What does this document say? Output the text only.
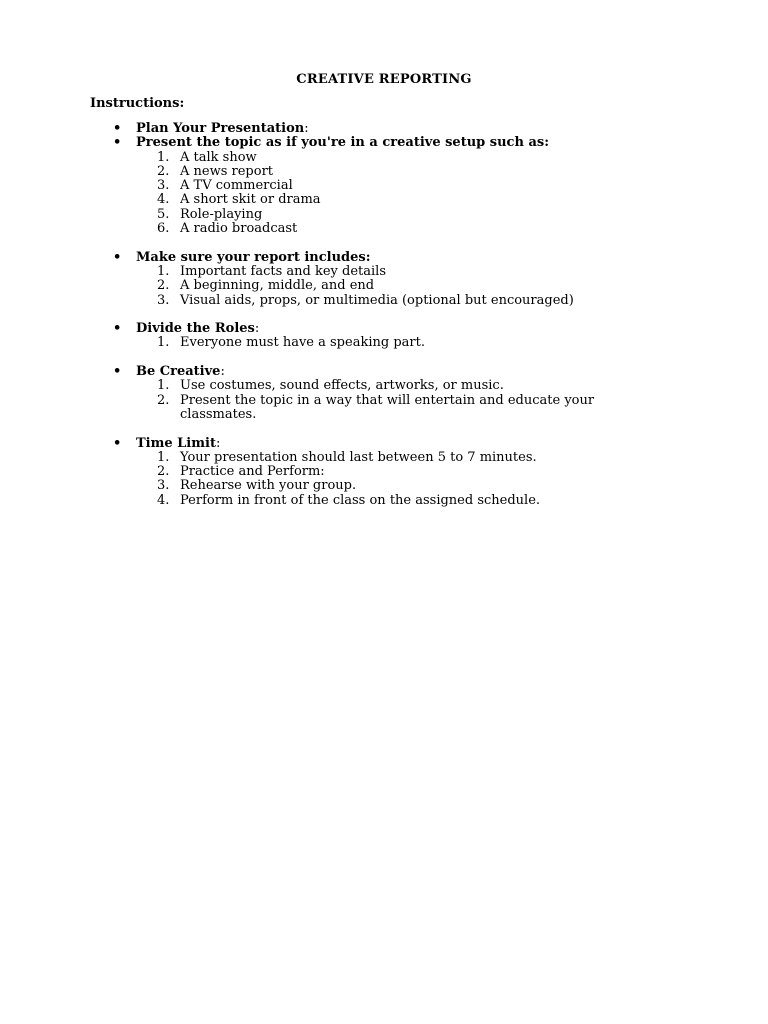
CREATIVE REPORTING
Instructions:
• Plan Your Presentation:
• Present the topic as if you're in a creative setup such as:
1. A talk show
2. A news report
3. A TV commercial
4. A short skit or drama
5. Role-playing
6. A radio broadcast
• Make sure your report includes:
1. Important facts and key details
2. A beginning, middle, and end
3. Visual aids, props, or multimedia (optional but encouraged)
• Divide the Roles:
1. Everyone must have a speaking part.
• Be Creative:
1. Use costumes, sound effects, artworks, or music.
2. Present the topic in a way that will entertain and educate your classmates.
• Time Limit:
1. Your presentation should last between 5 to 7 minutes.
2. Practice and Perform:
3. Rehearse with your group.
4. Perform in front of the class on the assigned schedule.
